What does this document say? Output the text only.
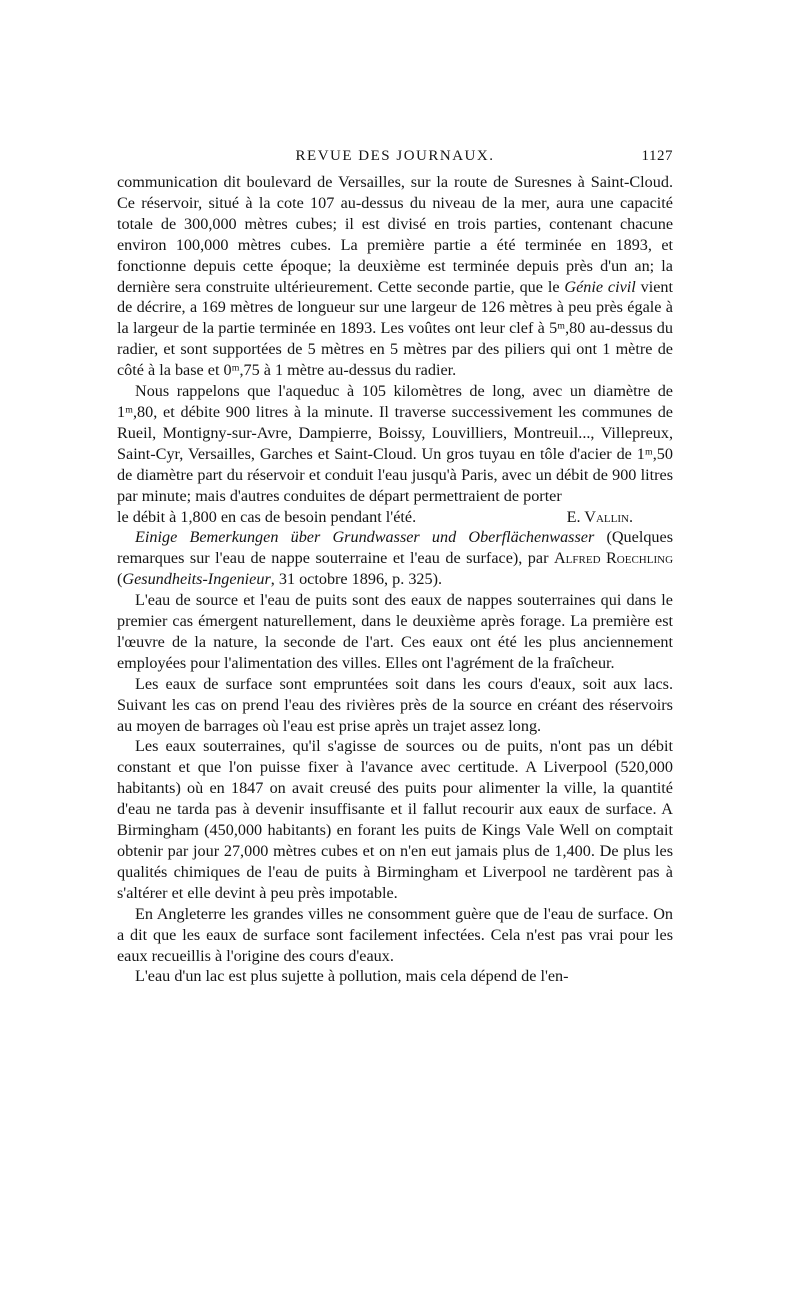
REVUE DES JOURNAUX.	1127

communication dit boulevard de Versailles, sur la route de Suresnes à Saint-Cloud. Ce réservoir, situé à la cote 107 au-dessus du niveau de la mer, aura une capacité totale de 300,000 mètres cubes; il est divisé en trois parties, contenant chacune environ 100,000 mètres cubes. La première partie a été terminée en 1893, et fonctionne depuis cette époque; la deuxième est terminée depuis près d'un an; la dernière sera construite ultérieurement. Cette seconde partie, que le Génie civil vient de décrire, a 169 mètres de longueur sur une largeur de 126 mètres à peu près égale à la largeur de la partie terminée en 1893. Les voûtes ont leur clef à 5ᵐ,80 au-dessus du radier, et sont supportées de 5 mètres en 5 mètres par des piliers qui ont 1 mètre de côté à la base et 0ᵐ,75 à 1 mètre au-dessus du radier.

Nous rappelons que l'aqueduc à 105 kilomètres de long, avec un diamètre de 1ᵐ,80, et débite 900 litres à la minute. Il traverse successivement les communes de Rueil, Montigny-sur-Avre, Dampierre, Boissy, Louvilliers, Montreuil..., Villepreux, Saint-Cyr, Versailles, Garches et Saint-Cloud. Un gros tuyau en tôle d'acier de 1ᵐ,50 de diamètre part du réservoir et conduit l'eau jusqu'à Paris, avec un débit de 900 litres par minute; mais d'autres conduites de départ permettraient de porter

le débit à 1,800 en cas de besoin pendant l'été.	E. Vallin.

Einige Bemerkungen über Grundwasser und Oberflächenwasser (Quelques remarques sur l'eau de nappe souterraine et l'eau de surface), par Alfred Roechling (Gesundheits-Ingenieur, 31 octobre 1896, p. 325).

L'eau de source et l'eau de puits sont des eaux de nappes souterraines qui dans le premier cas émergent naturellement, dans le deuxième après forage. La première est l'œuvre de la nature, la seconde de l'art. Ces eaux ont été les plus anciennement employées pour l'alimentation des villes. Elles ont l'agrément de la fraîcheur.

Les eaux de surface sont empruntées soit dans les cours d'eaux, soit aux lacs. Suivant les cas on prend l'eau des rivières près de la source en créant des réservoirs au moyen de barrages où l'eau est prise après un trajet assez long.

Les eaux souterraines, qu'il s'agisse de sources ou de puits, n'ont pas un débit constant et que l'on puisse fixer à l'avance avec certitude. A Liverpool (520,000 habitants) où en 1847 on avait creusé des puits pour alimenter la ville, la quantité d'eau ne tarda pas à devenir insuffisante et il fallut recourir aux eaux de surface. A Birmingham (450,000 habitants) en forant les puits de Kings Vale Well on comptait obtenir par jour 27,000 mètres cubes et on n'en eut jamais plus de 1,400. De plus les qualités chimiques de l'eau de puits à Birmingham et Liverpool ne tardèrent pas à s'altérer et elle devint à peu près impotable.

En Angleterre les grandes villes ne consomment guère que de l'eau de surface. On a dit que les eaux de surface sont facilement infectées. Cela n'est pas vrai pour les eaux recueillis à l'origine des cours d'eaux.

L'eau d'un lac est plus sujette à pollution, mais cela dépend de l'en-
